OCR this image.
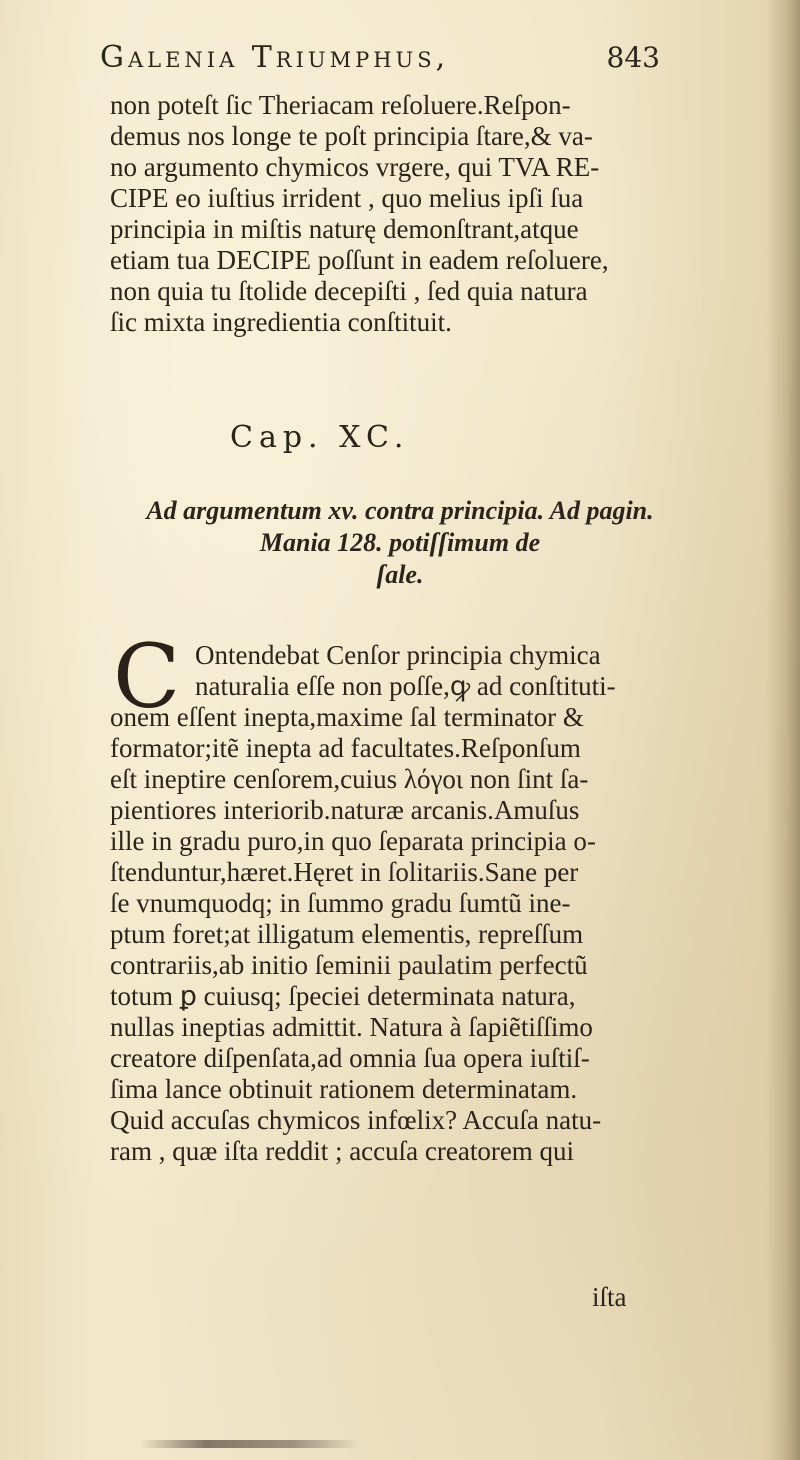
Galenia Triumphus,	843
non poteſt ſic Theriacam reſoluere.Reſpon-
demus nos longe te poſt principia ſtare,& va-
no argumento chymicos vrgere, qui TVA RE-
CIPE eo iuſtius irrident , quo melius ipſi ſua
principia in miſtis naturę demonſtrant,atque
etiam tua DECIPE poſſunt in eadem reſoluere,
non quia tu ſtolide decepiſti , ſed quia natura
ſic mixta ingredientia conſtituit.
Cap. XC.
Ad argumentum xv. contra principia. Ad pagin.
Mania 128. potiſſimum de
ſale.
C Ontendebat Cenſor principia chymica
naturalia eſſe non poſſe,ꝙ ad conſtituti-
onem eſſent inepta,maxime ſal terminator &
formator;itẽ inepta ad facultates.Reſponſum
eſt ineptire cenſorem,cuius λόγοι non ſint ſa-
pientiores interiorib.naturæ arcanis.Amuſus
ille in gradu puro,in quo ſeparata principia o-
ſtenduntur,hæret.Hęret in ſolitariis.Sane per
ſe vnumquodq; in ſummo gradu ſumtũ ine-
ptum foret;at illigatum elementis, repreſſum
contrariis,ab initio ſeminii paulatim perfectũ
totum ꝑ cuiusq; ſpeciei determinata natura,
nullas ineptias admittit. Natura à ſapiẽtiſſimo
creatore diſpenſata,ad omnia ſua opera iuſtiſ-
ſima lance obtinuit rationem determinatam.
Quid accuſas chymicos infœlix? Accuſa natu-
ram , quæ iſta reddit ; accuſa creatorem qui
iſta
